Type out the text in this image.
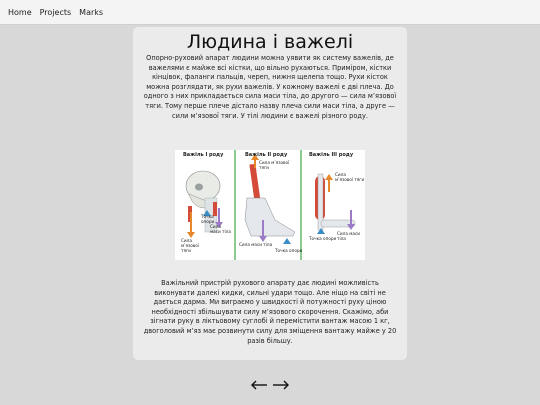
Home Projects Marks
Людина і важелі

Опорно-руховий апарат людини можна уявити як систему важелів, де важелями є майже всі кістки, що вільно рухаються. Приміром, кістки кінцівок, фаланги пальців, череп, нижня щелепа тощо. Рухи кісток можна розглядати, як рухи важелів. У кожному важелі є дві плеча. До одного з них прикладається сила маси тіла, до другого — сила м’язової тяги. Тому перше плече дістало назву плеча сили маси тіла, а друге — сили м’язової тяги. У тілі людини є важелі різного роду.

Важіль І роду	Важіль ІІ роду	Важіль ІІІ роду
Точка опори
Сила м’язової тяги
Сила маси тіла
Сила м’язової тяги
Сила маси тіла
Точка опори
Сила м’язової тяги
Сила маси тіла
Точка опори

Важільний пристрій рухового апарату дає людині можливість виконувати далекі кидки, сильні удари тощо. Але ніщо на світі не дається дарма. Ми виграємо у швидкості й потужності руху ціною необхідності збільшувати силу м’язового скорочення. Скажімо, аби зігнати руку в ліктьовому суглобі й перемістити вантаж масою 1 кг, двоголовий м’яз має розвинути силу для зміщення вантажу майже у 20 разів більшу.
